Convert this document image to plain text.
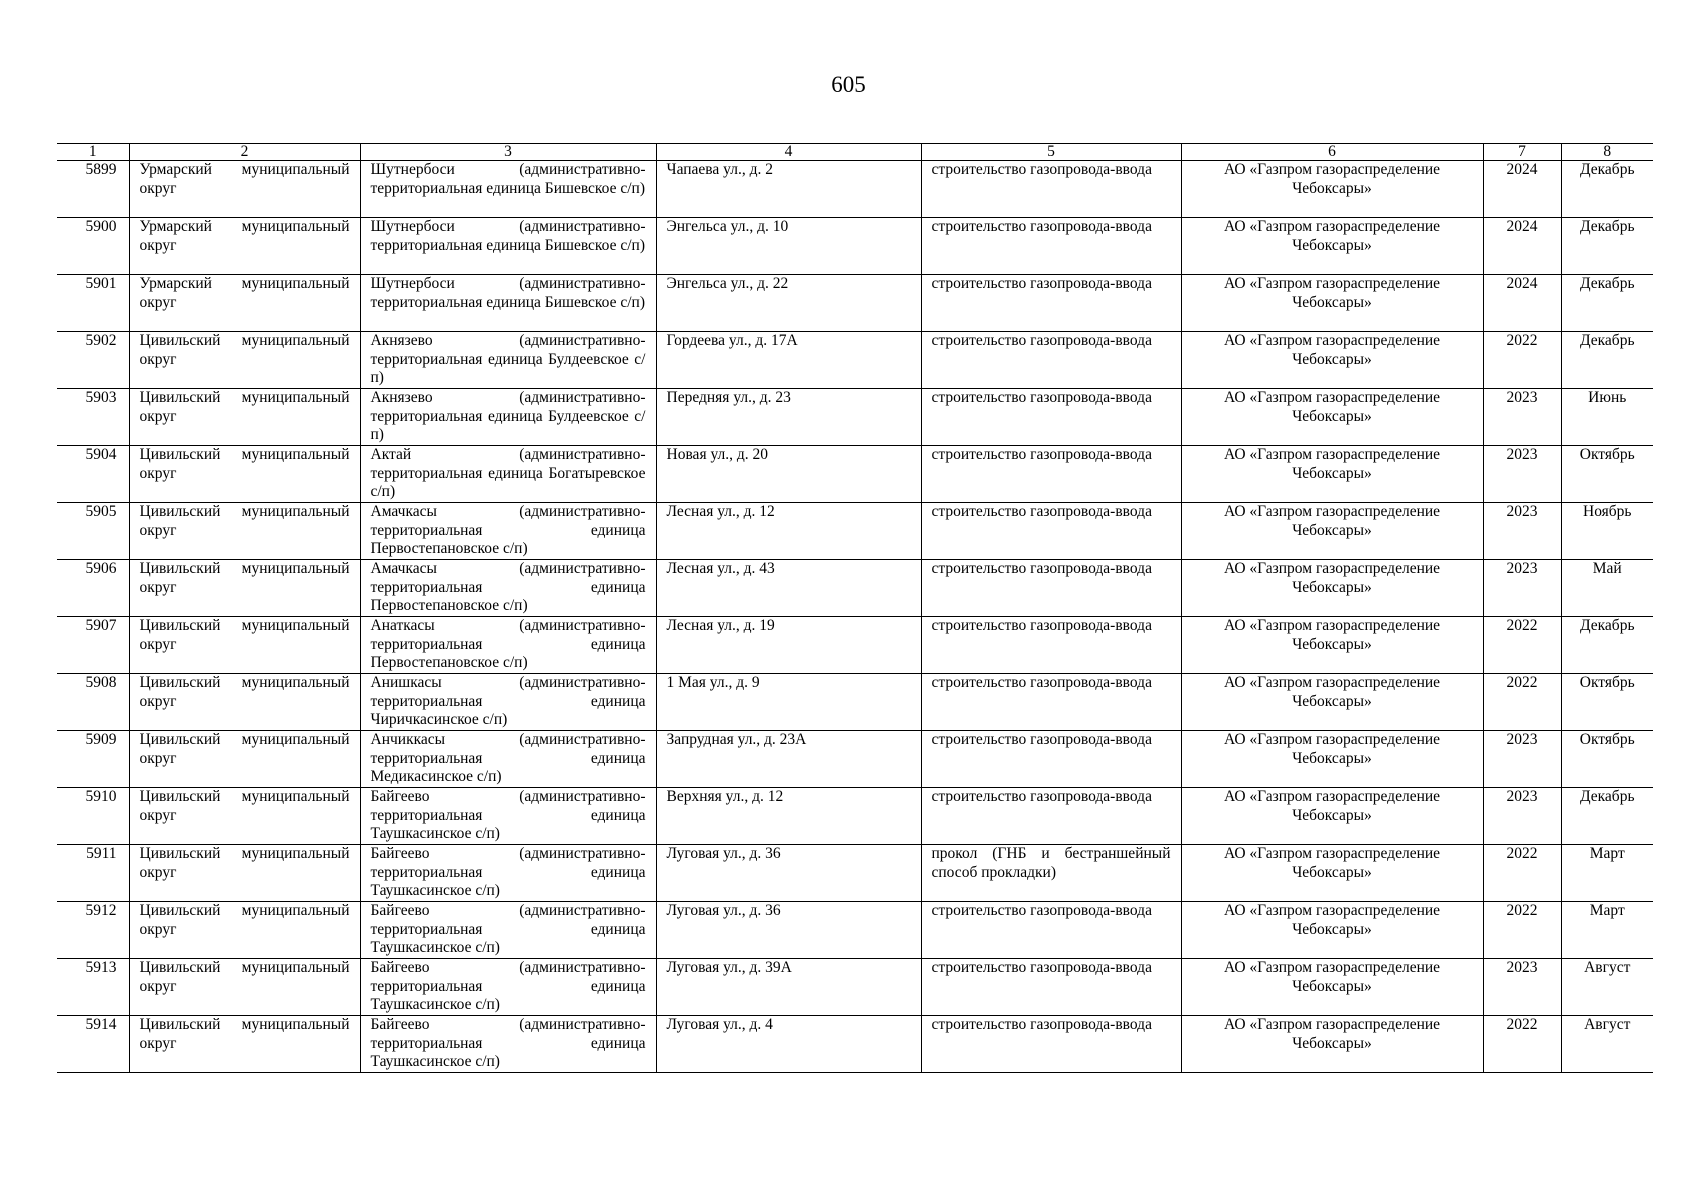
605
1	2	3	4	5	6	7	8
5899	Урмарский муниципальный округ	Шутнербоси (административно-территориальная единица Бишевское с/п)	Чапаева ул., д. 2	строительство газопровода-ввода	АО «Газпром газораспределение Чебоксары»	2024	Декабрь
5900	Урмарский муниципальный округ	Шутнербоси (административно-территориальная единица Бишевское с/п)	Энгельса ул., д. 10	строительство газопровода-ввода	АО «Газпром газораспределение Чебоксары»	2024	Декабрь
5901	Урмарский муниципальный округ	Шутнербоси (административно-территориальная единица Бишевское с/п)	Энгельса ул., д. 22	строительство газопровода-ввода	АО «Газпром газораспределение Чебоксары»	2024	Декабрь
5902	Цивильский муниципальный округ	Акнязево (административно-территориальная единица Булдеевское с/п)	Гордеева ул., д. 17А	строительство газопровода-ввода	АО «Газпром газораспределение Чебоксары»	2022	Декабрь
5903	Цивильский муниципальный округ	Акнязево (административно-территориальная единица Булдеевское с/п)	Передняя ул., д. 23	строительство газопровода-ввода	АО «Газпром газораспределение Чебоксары»	2023	Июнь
5904	Цивильский муниципальный округ	Актай (административно-территориальная единица Богатыревское с/п)	Новая ул., д. 20	строительство газопровода-ввода	АО «Газпром газораспределение Чебоксары»	2023	Октябрь
5905	Цивильский муниципальный округ	Амачкасы (административно-территориальная единица Первостепановское с/п)	Лесная ул., д. 12	строительство газопровода-ввода	АО «Газпром газораспределение Чебоксары»	2023	Ноябрь
5906	Цивильский муниципальный округ	Амачкасы (административно-территориальная единица Первостепановское с/п)	Лесная ул., д. 43	строительство газопровода-ввода	АО «Газпром газораспределение Чебоксары»	2023	Май
5907	Цивильский муниципальный округ	Анаткасы (административно-территориальная единица Первостепановское с/п)	Лесная ул., д. 19	строительство газопровода-ввода	АО «Газпром газораспределение Чебоксары»	2022	Декабрь
5908	Цивильский муниципальный округ	Анишкасы (административно-территориальная единица Чиричкасинское с/п)	1 Мая ул., д. 9	строительство газопровода-ввода	АО «Газпром газораспределение Чебоксары»	2022	Октябрь
5909	Цивильский муниципальный округ	Анчиккасы (административно-территориальная единица Медикасинское с/п)	Запрудная ул., д. 23А	строительство газопровода-ввода	АО «Газпром газораспределение Чебоксары»	2023	Октябрь
5910	Цивильский муниципальный округ	Байгеево (административно-территориальная единица Таушкасинское с/п)	Верхняя ул., д. 12	строительство газопровода-ввода	АО «Газпром газораспределение Чебоксары»	2023	Декабрь
5911	Цивильский муниципальный округ	Байгеево (административно-территориальная единица Таушкасинское с/п)	Луговая ул., д. 36	прокол (ГНБ и бестраншейный способ прокладки)	АО «Газпром газораспределение Чебоксары»	2022	Март
5912	Цивильский муниципальный округ	Байгеево (административно-территориальная единица Таушкасинское с/п)	Луговая ул., д. 36	строительство газопровода-ввода	АО «Газпром газораспределение Чебоксары»	2022	Март
5913	Цивильский муниципальный округ	Байгеево (административно-территориальная единица Таушкасинское с/п)	Луговая ул., д. 39А	строительство газопровода-ввода	АО «Газпром газораспределение Чебоксары»	2023	Август
5914	Цивильский муниципальный округ	Байгеево (административно-территориальная единица Таушкасинское с/п)	Луговая ул., д. 4	строительство газопровода-ввода	АО «Газпром газораспределение Чебоксары»	2022	Август
